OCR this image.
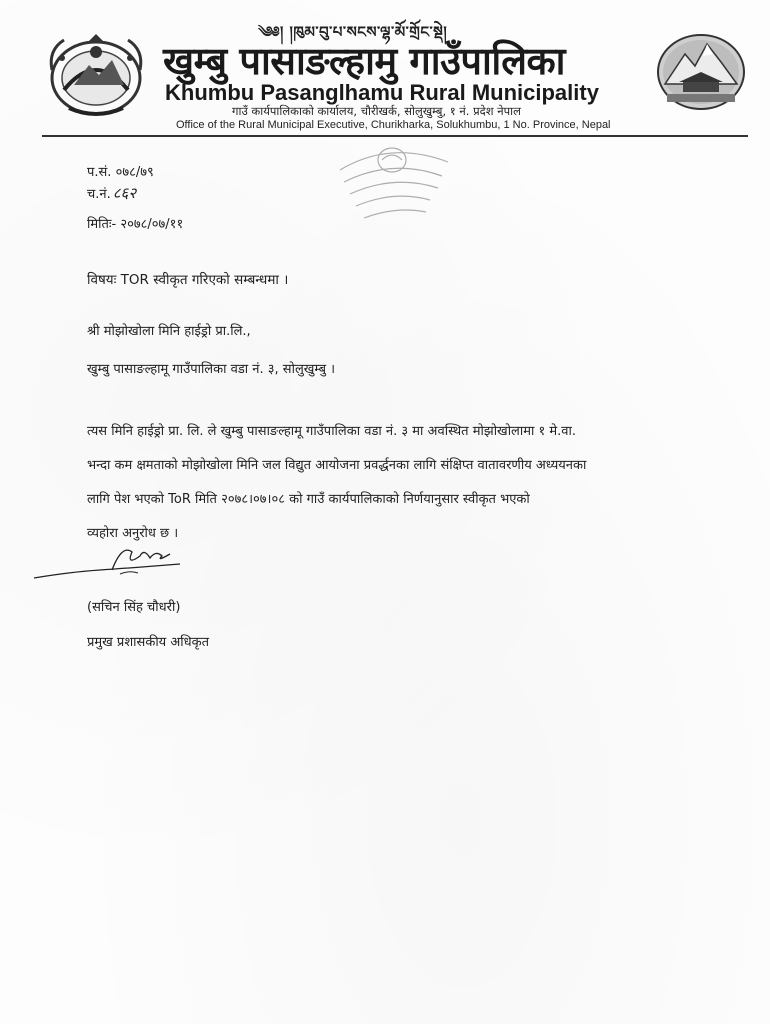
༄༅། །ཁུམ་བུ་པ་སངས་ལྷ་མོ་གྲོང་སྡེ།
खुम्बु पासाङल्हामु गाउँपालिका
Khumbu Pasanglhamu Rural Municipality
गाउँ कार्यपालिकाको कार्यालय, चौरीखर्क, सोलुखुम्बु, १ नं. प्रदेश नेपाल
Office of the Rural Municipal Executive, Churikharka, Solukhumbu, 1 No. Province, Nepal
प.सं. ०७८/७९
च.नं. ८६२
मितिः- २०७८/०७/११
विषयः TOR स्वीकृत गरिएको सम्बन्धमा ।
श्री मोझोखोला मिनि हाईड्रो प्रा.लि.,
खुम्बु पासाङल्हामू गाउँपालिका वडा नं. ३, सोलुखुम्बु ।
त्यस मिनि हाईड्रो प्रा. लि. ले खुम्बु पासाङल्हामू गाउँपालिका वडा नं. ३ मा अवस्थित मोझोखोलामा १ मे.वा.
भन्दा कम क्षमताको मोझोखोला मिनि जल विद्युत आयोजना प्रवर्द्धनका लागि संक्षिप्त वातावरणीय अध्ययनका
लागि पेश भएको ToR मिति २०७८।०७।०८ को गाउँ कार्यपालिकाको निर्णयानुसार स्वीकृत भएको
व्यहोरा अनुरोध छ ।
(सचिन सिंह चौधरी)
प्रमुख प्रशासकीय अधिकृत
